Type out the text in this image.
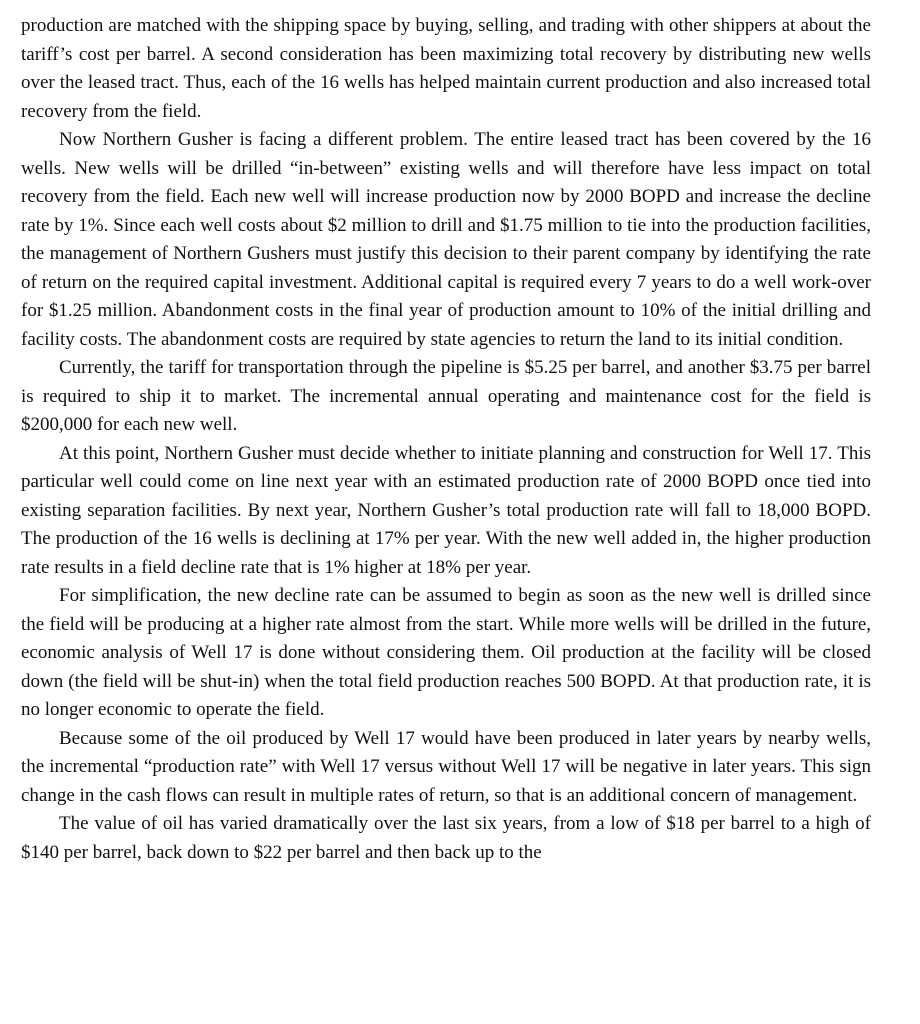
production are matched with the shipping space by buying, selling, and trading with other shippers at about the tariff’s cost per barrel. A second consideration has been maximizing total recovery by distributing new wells over the leased tract. Thus, each of the 16 wells has helped maintain current production and also increased total recovery from the field.

Now Northern Gusher is facing a different problem. The entire leased tract has been covered by the 16 wells. New wells will be drilled “in-between” existing wells and will therefore have less impact on total recovery from the field. Each new well will increase production now by 2000 BOPD and increase the decline rate by 1%. Since each well costs about $2 million to drill and $1.75 million to tie into the production facilities, the management of Northern Gushers must justify this decision to their parent company by identifying the rate of return on the required capital investment. Additional capital is required every 7 years to do a well work-over for $1.25 million. Abandonment costs in the final year of production amount to 10% of the initial drilling and facility costs. The abandonment costs are required by state agencies to return the land to its initial condition.

Currently, the tariff for transportation through the pipeline is $5.25 per barrel, and another $3.75 per barrel is required to ship it to market. The incremental annual operating and maintenance cost for the field is $200,000 for each new well.

At this point, Northern Gusher must decide whether to initiate planning and construction for Well 17. This particular well could come on line next year with an estimated production rate of 2000 BOPD once tied into existing separation facilities. By next year, Northern Gusher’s total production rate will fall to 18,000 BOPD. The production of the 16 wells is declining at 17% per year. With the new well added in, the higher production rate results in a field decline rate that is 1% higher at 18% per year.

For simplification, the new decline rate can be assumed to begin as soon as the new well is drilled since the field will be producing at a higher rate almost from the start. While more wells will be drilled in the future, economic analysis of Well 17 is done without considering them. Oil production at the facility will be closed down (the field will be shut-in) when the total field production reaches 500 BOPD. At that production rate, it is no longer economic to operate the field.

Because some of the oil produced by Well 17 would have been produced in later years by nearby wells, the incremental “production rate” with Well 17 versus without Well 17 will be negative in later years. This sign change in the cash flows can result in multiple rates of return, so that is an additional concern of management.

The value of oil has varied dramatically over the last six years, from a low of $18 per barrel to a high of $140 per barrel, back down to $22 per barrel and then back up to the
